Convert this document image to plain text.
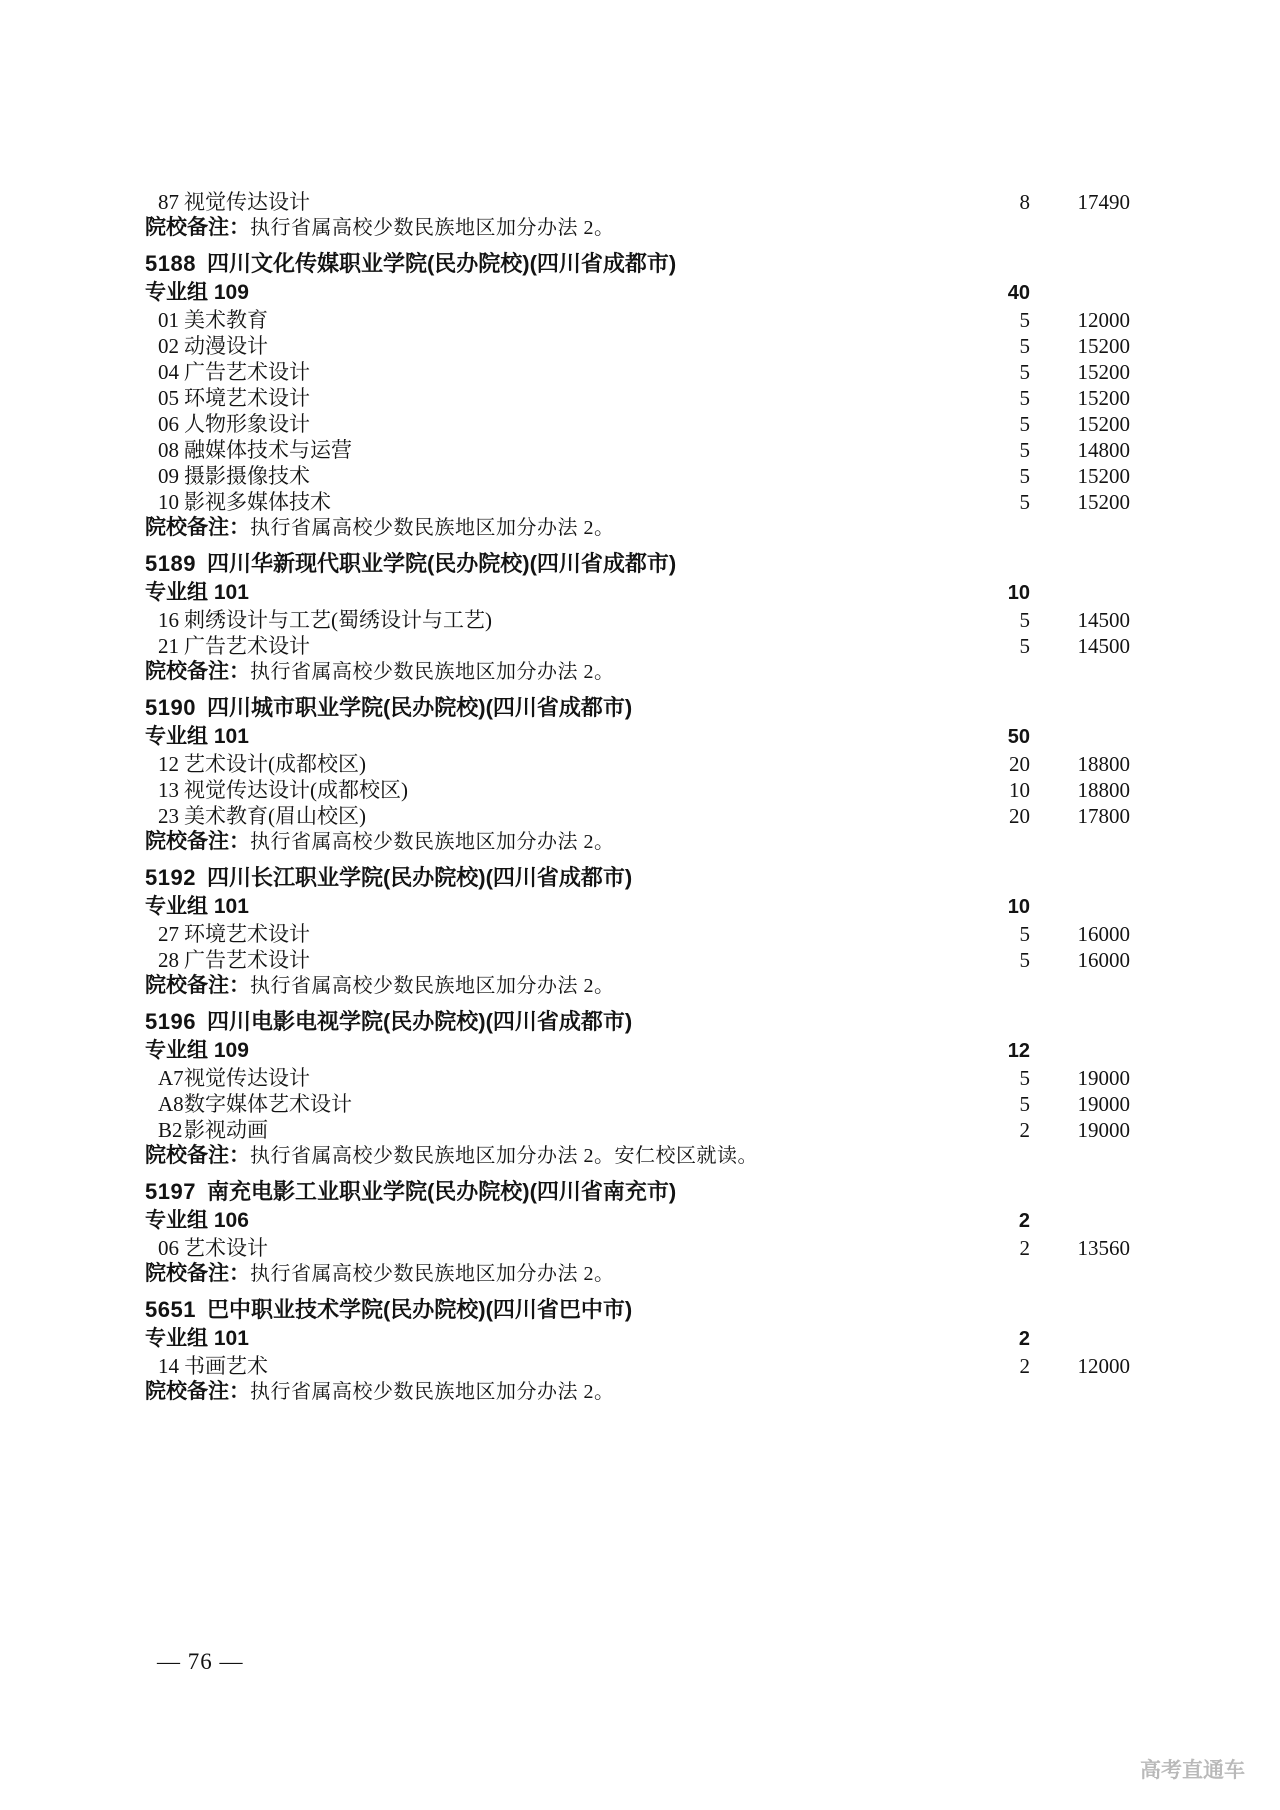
87 视觉传达设计	8	17490
院校备注： 执行省属高校少数民族地区加分办法 2。
5188 四川文化传媒职业学院(民办院校)(四川省成都市)
专业组 109	40
01 美术教育	5	12000
02 动漫设计	5	15200
04 广告艺术设计	5	15200
05 环境艺术设计	5	15200
06 人物形象设计	5	15200
08 融媒体技术与运营	5	14800
09 摄影摄像技术	5	15200
10 影视多媒体技术	5	15200
院校备注： 执行省属高校少数民族地区加分办法 2。
5189 四川华新现代职业学院(民办院校)(四川省成都市)
专业组 101	10
16 刺绣设计与工艺(蜀绣设计与工艺)	5	14500
21 广告艺术设计	5	14500
院校备注： 执行省属高校少数民族地区加分办法 2。
5190 四川城市职业学院(民办院校)(四川省成都市)
专业组 101	50
12 艺术设计(成都校区)	20	18800
13 视觉传达设计(成都校区)	10	18800
23 美术教育(眉山校区)	20	17800
院校备注： 执行省属高校少数民族地区加分办法 2。
5192 四川长江职业学院(民办院校)(四川省成都市)
专业组 101	10
27 环境艺术设计	5	16000
28 广告艺术设计	5	16000
院校备注： 执行省属高校少数民族地区加分办法 2。
5196 四川电影电视学院(民办院校)(四川省成都市)
专业组 109	12
A7视觉传达设计	5	19000
A8数字媒体艺术设计	5	19000
B2影视动画	2	19000
院校备注： 执行省属高校少数民族地区加分办法 2。安仁校区就读。
5197 南充电影工业职业学院(民办院校)(四川省南充市)
专业组 106	2
06 艺术设计	2	13560
院校备注： 执行省属高校少数民族地区加分办法 2。
5651 巴中职业技术学院(民办院校)(四川省巴中市)
专业组 101	2
14 书画艺术	2	12000
院校备注： 执行省属高校少数民族地区加分办法 2。
— 76 —
高考直通车
